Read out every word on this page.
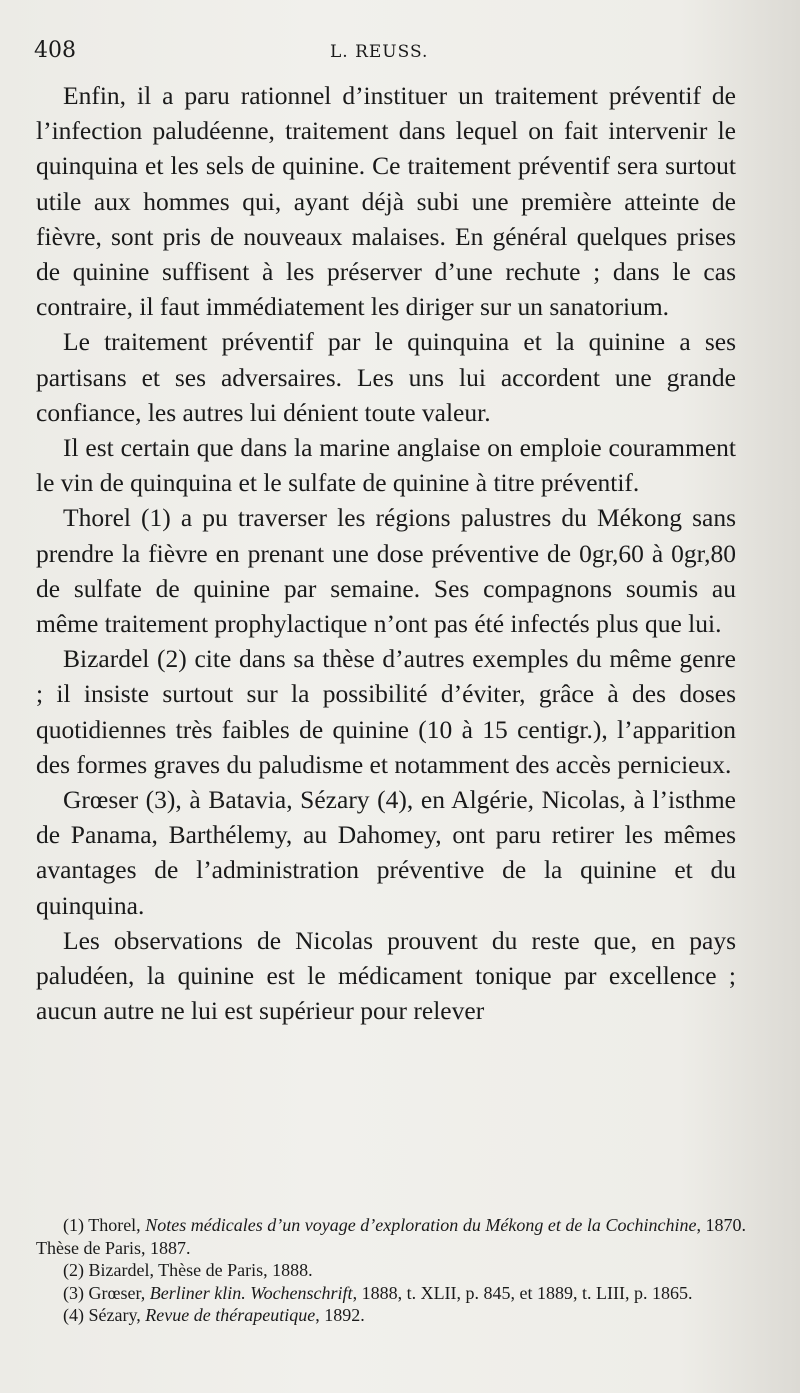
408	L. REUSS.

Enfin, il a paru rationnel d’instituer un traitement préventif de l’infection paludéenne, traitement dans lequel on fait intervenir le quinquina et les sels de quinine. Ce traitement préventif sera surtout utile aux hommes qui, ayant déjà subi une première atteinte de fièvre, sont pris de nouveaux malaises. En général quelques prises de quinine suffisent à les préserver d’une rechute ; dans le cas contraire, il faut immédiatement les diriger sur un sanatorium.

Le traitement préventif par le quinquina et la quinine a ses partisans et ses adversaires. Les uns lui accordent une grande confiance, les autres lui dénient toute valeur.

Il est certain que dans la marine anglaise on emploie couramment le vin de quinquina et le sulfate de quinine à titre préventif.

Thorel (1) a pu traverser les régions palustres du Mékong sans prendre la fièvre en prenant une dose préventive de 0gr,60 à 0gr,80 de sulfate de quinine par semaine. Ses compagnons soumis au même traitement prophylactique n’ont pas été infectés plus que lui.

Bizardel (2) cite dans sa thèse d’autres exemples du même genre ; il insiste surtout sur la possibilité d’éviter, grâce à des doses quotidiennes très faibles de quinine (10 à 15 centigr.), l’apparition des formes graves du paludisme et notamment des accès pernicieux.

Grœser (3), à Batavia, Sézary (4), en Algérie, Nicolas, à l’isthme de Panama, Barthélemy, au Dahomey, ont paru retirer les mêmes avantages de l’administration préventive de la quinine et du quinquina.

Les observations de Nicolas prouvent du reste que, en pays paludéen, la quinine est le médicament tonique par excellence ; aucun autre ne lui est supérieur pour relever

(1) Thorel, Notes médicales d’un voyage d’exploration du Mékong et de la Cochinchine, 1870. Thèse de Paris, 1887.

(2) Bizardel, Thèse de Paris, 1888.

(3) Grœser, Berliner klin. Wochenschrift, 1888, t. XLII, p. 845, et 1889, t. LIII, p. 1865.

(4) Sézary, Revue de thérapeutique, 1892.
